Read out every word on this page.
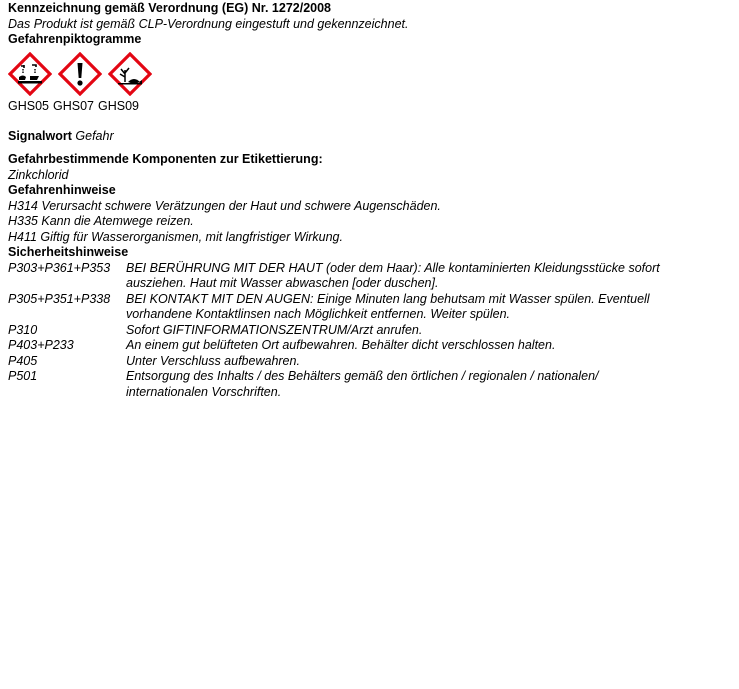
Kennzeichnung gemäß Verordnung (EG) Nr. 1272/2008
Das Produkt ist gemäß CLP-Verordnung eingestuft und gekennzeichnet.
Gefahrenpiktogramme
GHS05 GHS07 GHS09
Signalwort Gefahr
Gefahrbestimmende Komponenten zur Etikettierung:
Zinkchlorid
Gefahrenhinweise
H314 Verursacht schwere Verätzungen der Haut und schwere Augenschäden.
H335 Kann die Atemwege reizen.
H411 Giftig für Wasserorganismen, mit langfristiger Wirkung.
Sicherheitshinweise
P303+P361+P353	BEI BERÜHRUNG MIT DER HAUT (oder dem Haar): Alle kontaminierten Kleidungsstücke sofort
ausziehen. Haut mit Wasser abwaschen [oder duschen].
P305+P351+P338	BEI KONTAKT MIT DEN AUGEN: Einige Minuten lang behutsam mit Wasser spülen. Eventuell
vorhandene Kontaktlinsen nach Möglichkeit entfernen. Weiter spülen.
P310	Sofort GIFTINFORMATIONSZENTRUM/Arzt anrufen.
P403+P233	An einem gut belüfteten Ort aufbewahren. Behälter dicht verschlossen halten.
P405	Unter Verschluss aufbewahren.
P501	Entsorgung des Inhalts / des Behälters gemäß den örtlichen / regionalen / nationalen/
internationalen Vorschriften.
